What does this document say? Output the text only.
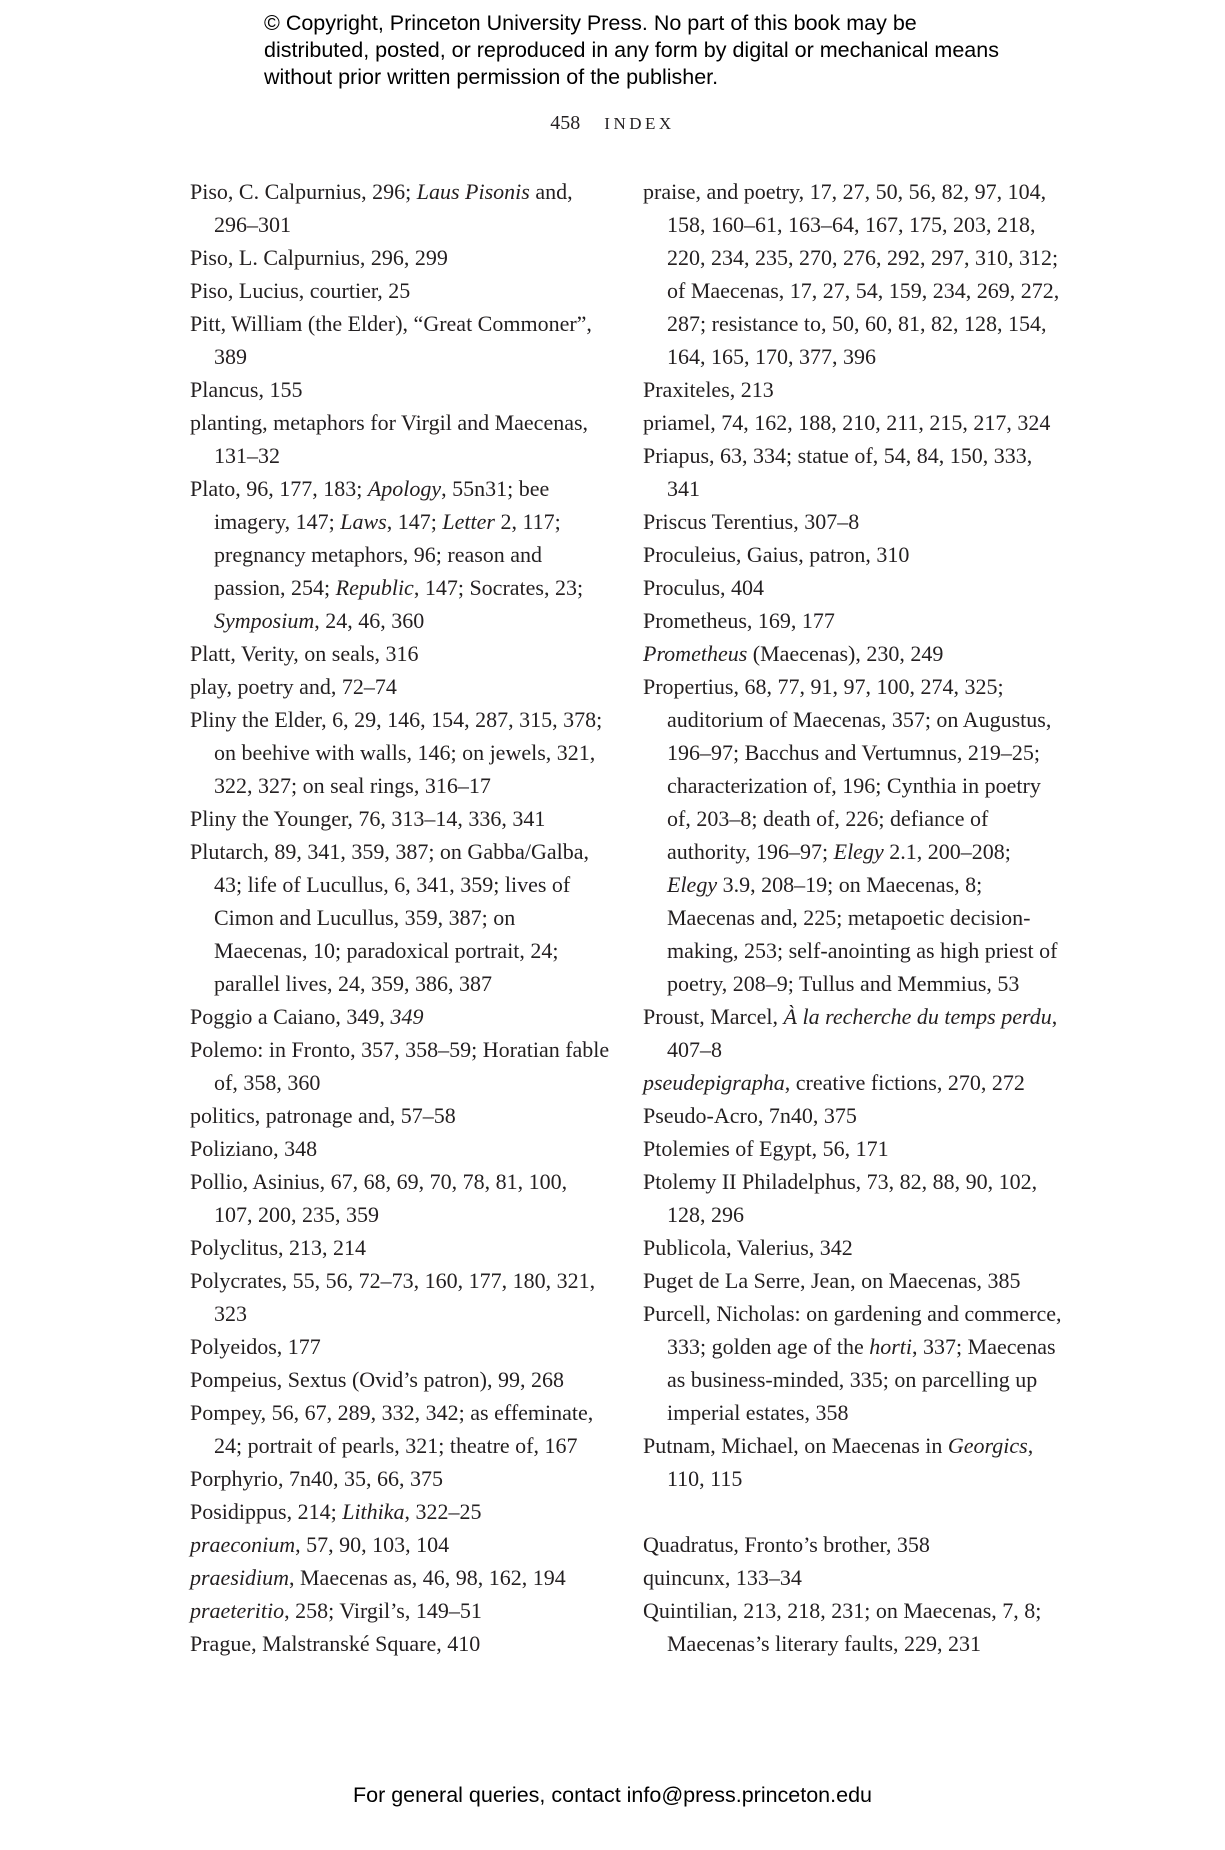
© Copyright, Princeton University Press. No part of this book may be distributed, posted, or reproduced in any form by digital or mechanical means without prior written permission of the publisher.
458 INDEX
Piso, C. Calpurnius, 296; Laus Pisonis and, 296–301
Piso, L. Calpurnius, 296, 299
Piso, Lucius, courtier, 25
Pitt, William (the Elder), “Great Commoner”, 389
Plancus, 155
planting, metaphors for Virgil and Maecenas, 131–32
Plato, 96, 177, 183; Apology, 55n31; bee imagery, 147; Laws, 147; Letter 2, 117; pregnancy metaphors, 96; reason and passion, 254; Republic, 147; Socrates, 23; Symposium, 24, 46, 360
Platt, Verity, on seals, 316
play, poetry and, 72–74
Pliny the Elder, 6, 29, 146, 154, 287, 315, 378; on beehive with walls, 146; on jewels, 321, 322, 327; on seal rings, 316–17
Pliny the Younger, 76, 313–14, 336, 341
Plutarch, 89, 341, 359, 387; on Gabba/Galba, 43; life of Lucullus, 6, 341, 359; lives of Cimon and Lucullus, 359, 387; on Maecenas, 10; paradoxical portrait, 24; parallel lives, 24, 359, 386, 387
Poggio a Caiano, 349, 349
Polemo: in Fronto, 357, 358–59; Horatian fable of, 358, 360
politics, patronage and, 57–58
Poliziano, 348
Pollio, Asinius, 67, 68, 69, 70, 78, 81, 100, 107, 200, 235, 359
Polyclitus, 213, 214
Polycrates, 55, 56, 72–73, 160, 177, 180, 321, 323
Polyeidos, 177
Pompeius, Sextus (Ovid’s patron), 99, 268
Pompey, 56, 67, 289, 332, 342; as effeminate, 24; portrait of pearls, 321; theatre of, 167
Porphyrio, 7n40, 35, 66, 375
Posidippus, 214; Lithika, 322–25
praeconium, 57, 90, 103, 104
praesidium, Maecenas as, 46, 98, 162, 194
praeteritio, 258; Virgil’s, 149–51
Prague, Malstranské Square, 410
praise, and poetry, 17, 27, 50, 56, 82, 97, 104, 158, 160–61, 163–64, 167, 175, 203, 218, 220, 234, 235, 270, 276, 292, 297, 310, 312; of Maecenas, 17, 27, 54, 159, 234, 269, 272, 287; resistance to, 50, 60, 81, 82, 128, 154, 164, 165, 170, 377, 396
Praxiteles, 213
priamel, 74, 162, 188, 210, 211, 215, 217, 324
Priapus, 63, 334; statue of, 54, 84, 150, 333, 341
Priscus Terentius, 307–8
Proculeius, Gaius, patron, 310
Proculus, 404
Prometheus, 169, 177
Prometheus (Maecenas), 230, 249
Propertius, 68, 77, 91, 97, 100, 274, 325; auditorium of Maecenas, 357; on Augustus, 196–97; Bacchus and Vertumnus, 219–25; characterization of, 196; Cynthia in poetry of, 203–8; death of, 226; defiance of authority, 196–97; Elegy 2.1, 200–208; Elegy 3.9, 208–19; on Maecenas, 8; Maecenas and, 225; metapoetic decision-making, 253; self-anointing as high priest of poetry, 208–9; Tullus and Memmius, 53
Proust, Marcel, À la recherche du temps perdu, 407–8
pseudepigrapha, creative fictions, 270, 272
Pseudo-Acro, 7n40, 375
Ptolemies of Egypt, 56, 171
Ptolemy II Philadelphus, 73, 82, 88, 90, 102, 128, 296
Publicola, Valerius, 342
Puget de La Serre, Jean, on Maecenas, 385
Purcell, Nicholas: on gardening and commerce, 333; golden age of the horti, 337; Maecenas as business-minded, 335; on parcelling up imperial estates, 358
Putnam, Michael, on Maecenas in Georgics, 110, 115
Quadratus, Fronto’s brother, 358
quincunx, 133–34
Quintilian, 213, 218, 231; on Maecenas, 7, 8; Maecenas’s literary faults, 229, 231
For general queries, contact info@press.princeton.edu
